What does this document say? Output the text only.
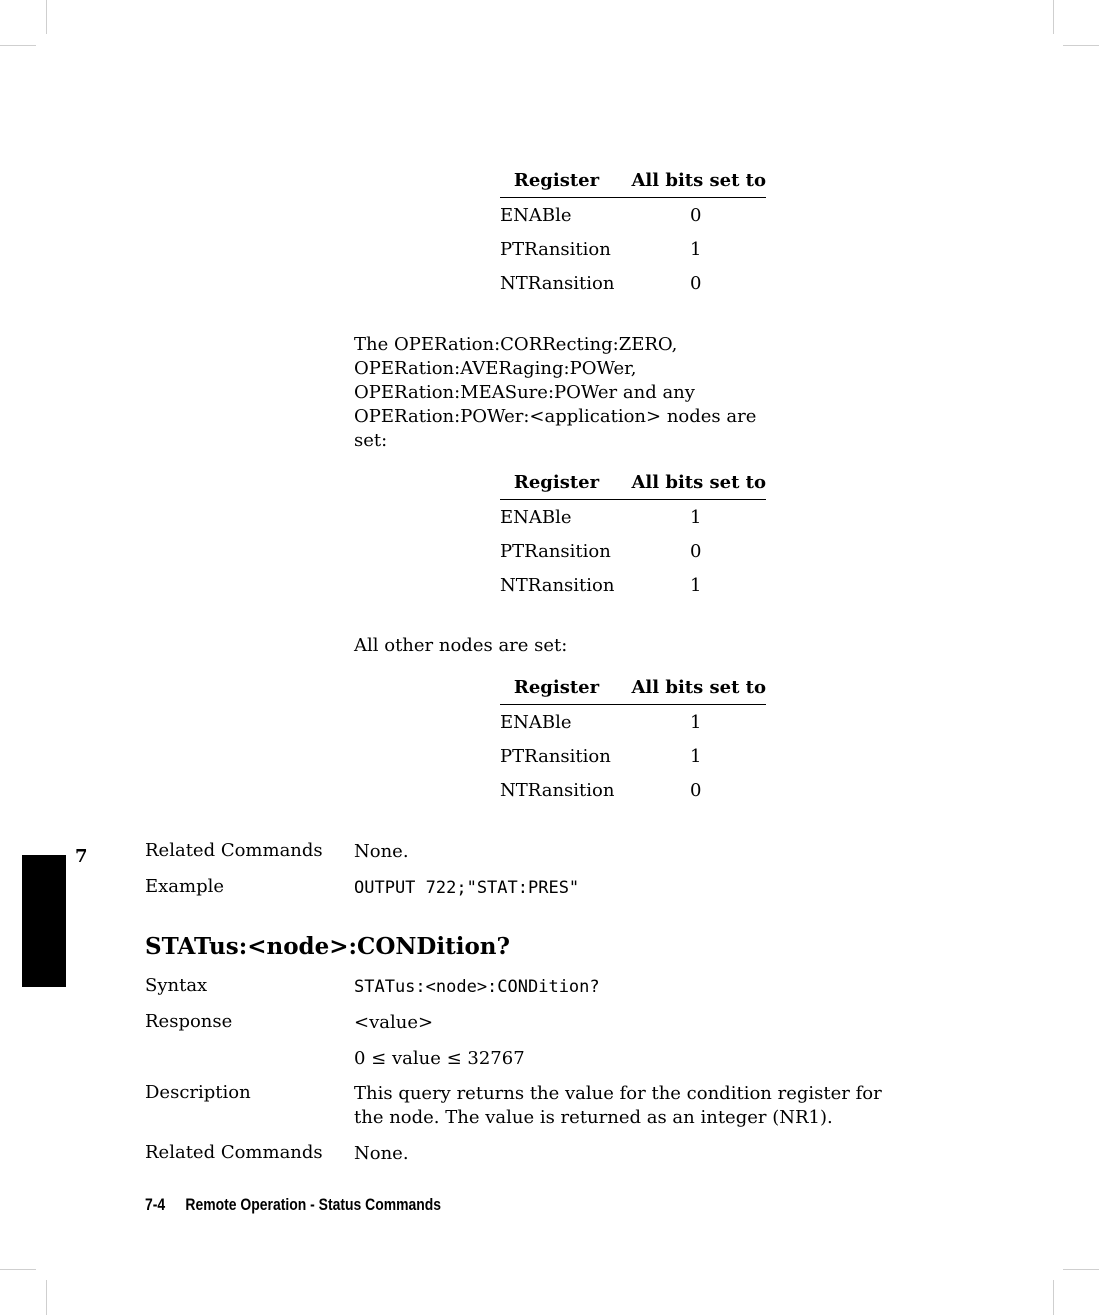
Register	All bits set to
ENABle	0
PTRansition	1
NTRansition	0
The OPERation:CORRecting:ZERO,
OPERation:AVERaging:POWer,
OPERation:MEASure:POWer and any
OPERation:POWer:<application> nodes are
set:
Register	All bits set to
ENABle	1
PTRansition	0
NTRansition	1
All other nodes are set:
Register	All bits set to
ENABle	1
PTRansition	1
NTRansition	0
7	Related Commands	None.
Example	OUTPUT 722;"STAT:PRES"
STATus:<node>:CONDition?
Syntax	STATus:<node>:CONDition?
Response	<value>
0 ≤ value ≤ 32767
Description	This query returns the value for the condition register for
the node. The value is returned as an integer (NR1).
Related Commands	None.
7-4 Remote Operation - Status Commands
